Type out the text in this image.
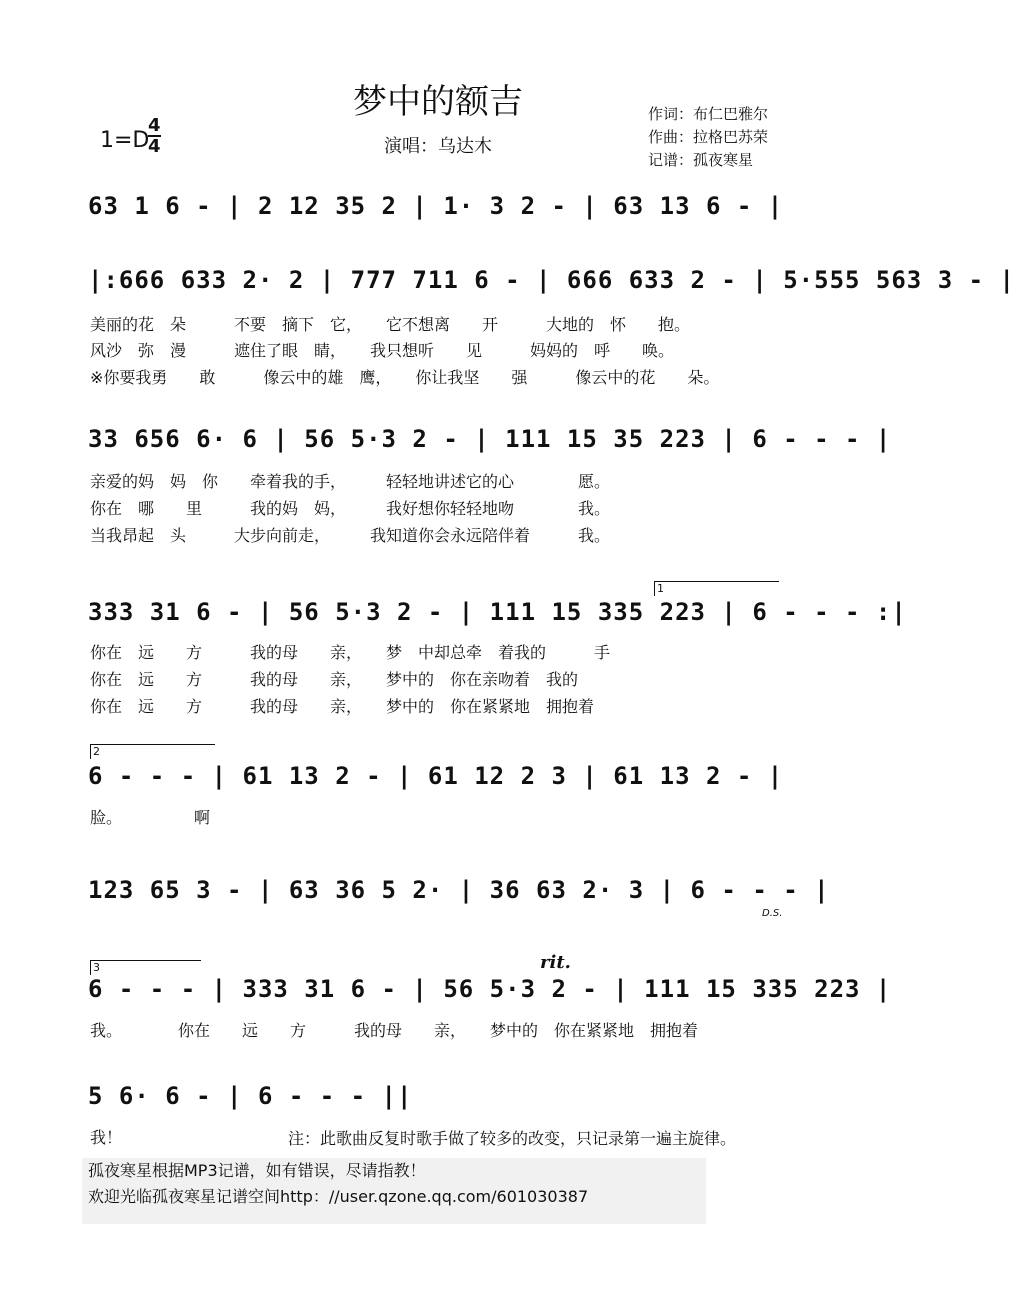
梦中的额吉
1=D
4
4	演唱：乌达木
作词：布仁巴雅尔
作曲：拉格巴苏荣
记谱：孤夜寒星
63 1 6 - | 2 12 35 2 | 1· 3 2 - | 63 13 6 - |
|:666 633 2· 2 | 777 711 6 - | 666 633 2 - | 5·555 563 3 - |
美丽的花　朵　　　不要　摘下　它，　　它不想离　　开　　　大地的　怀　　抱。
风沙　弥　漫　　　遮住了眼　睛，　　我只想听　　见　　　妈妈的　呼　　唤。
※你要我勇　　敢　　　像云中的雄　鹰，　　你让我坚　　强　　　像云中的花　　朵。
33 656 6· 6 | 56 5·3 2 - | 111 15 35 223 | 6 - - - |
亲爱的妈　妈　你　　牵着我的手，　　　轻轻地讲述它的心　　　　愿。
你在　哪　　里　　　我的妈　妈，　　　我好想你轻轻地吻　　　　我。
当我昂起　头　　　大步向前走，　　　我知道你会永远陪伴着　　　我。
1
333 31 6 - | 56 5·3 2 - | 111 15 335 223 | 6 - - - :|
你在　远　　方　　　我的母　　亲，　　梦　中却总牵　着我的　　　手
你在　远　　方　　　我的母　　亲，　　梦中的　你在亲吻着　我的
你在　远　　方　　　我的母　　亲，　　梦中的　你在紧紧地　拥抱着
2
6 - - - | 61 13 2 - | 61 12 2 3 | 61 13 2 - |
脸。　　　　　啊
123 65 3 - | 63 36 5 2· | 36 63 2· 3 | 6 - - - |
D.S.
3	rit.
6 - - - | 333 31 6 - | 56 5·3 2 - | 111 15 335 223 |
我。　　　　你在　　远　　方　　　我的母　　亲，　　梦中的　你在紧紧地　拥抱着
5 6· 6 - | 6 - - - ||
我！	注：此歌曲反复时歌手做了较多的改变，只记录第一遍主旋律。
孤夜寒星根据MP3记谱，如有错误，尽请指教！
欢迎光临孤夜寒星记谱空间http：//user.qzone.qq.com/601030387
